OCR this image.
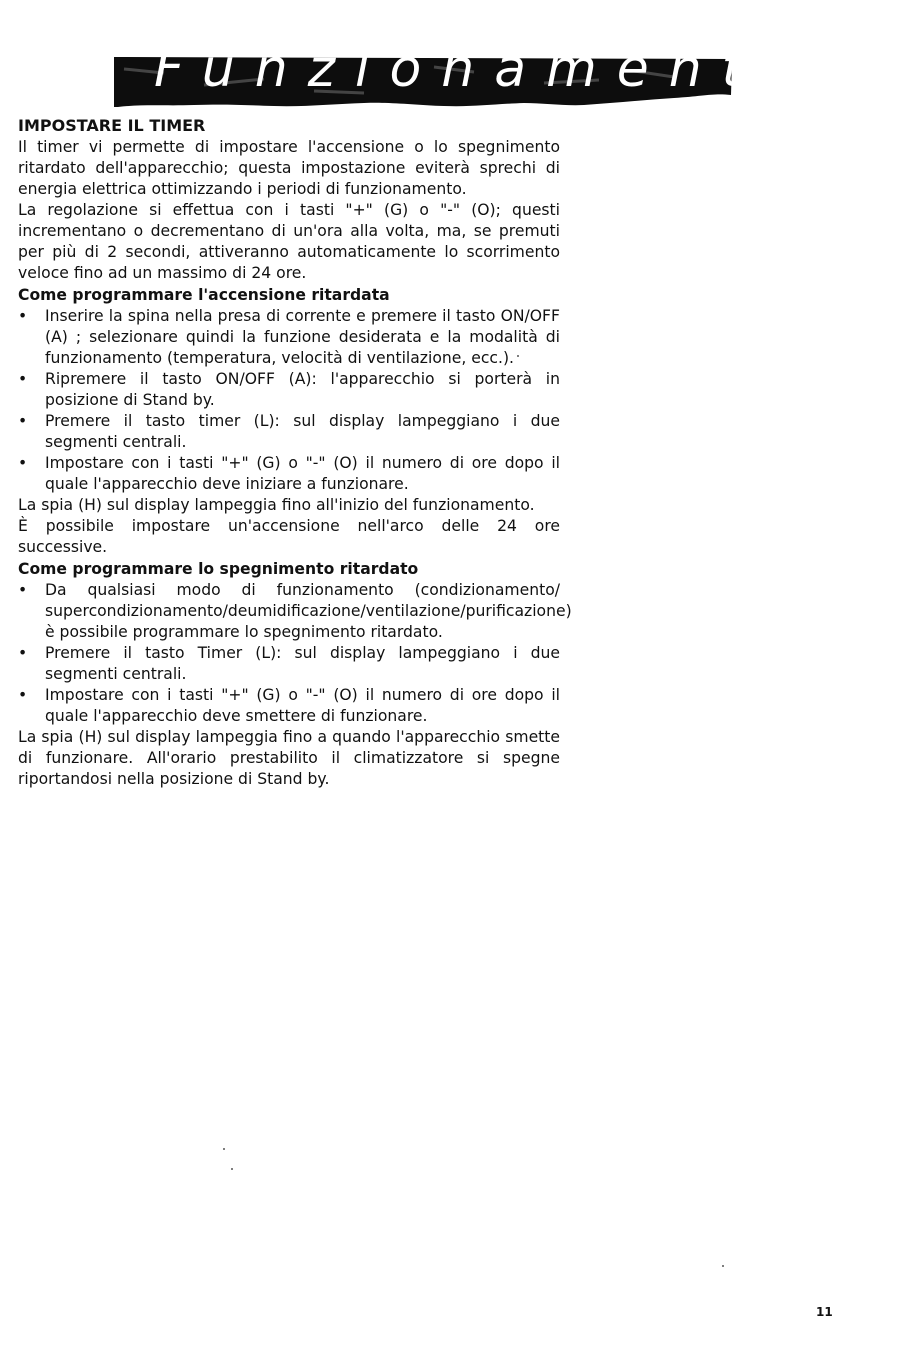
Funzionamento
IMPOSTARE IL TIMER

Il timer vi permette di impostare l'accensione o lo spegnimento ritardato dell'apparecchio; questa impostazione eviterà sprechi di energia elettrica ottimizzando i periodi di funzionamento.

La regolazione si effettua con i tasti "+" (G) o "-" (O); questi incrementano o decrementano di un'ora alla volta, ma, se premuti per più di 2 secondi, attiveranno automaticamente lo scorrimento veloce fino ad un massimo di 24 ore.

Come programmare l'accensione ritardata
• Inserire la spina nella presa di corrente e premere il tasto ON/OFF (A) ; selezionare quindi la funzione desiderata e la modalità di funzionamento (temperatura, velocità di ventilazione, ecc.).
• Ripremere il tasto ON/OFF (A): l'apparecchio si porterà in posizione di Stand by.
• Premere il tasto timer (L): sul display lampeggiano i due segmenti centrali.
• Impostare con i tasti "+" (G) o "-" (O) il numero di ore dopo il quale l'apparecchio deve iniziare a funzionare.

La spia (H) sul display lampeggia fino all'inizio del funzionamento.

È possibile impostare un'accensione nell'arco delle 24 ore successive.

Come programmare lo spegnimento ritardato
• Da qualsiasi modo di funzionamento (condizionamento/ supercondizionamento/deumidificazione/ventilazione/purificazione) è possibile programmare lo spegnimento ritardato.
• Premere il tasto Timer (L): sul display lampeggiano i due segmenti centrali.
• Impostare con i tasti "+" (G) o "-" (O) il numero di ore dopo il quale l'apparecchio deve smettere di funzionare.

La spia (H) sul display lampeggia fino a quando l'apparecchio smette di funzionare. All'orario prestabilito il climatizzatore si spegne riportandosi nella posizione di Stand by.

11
